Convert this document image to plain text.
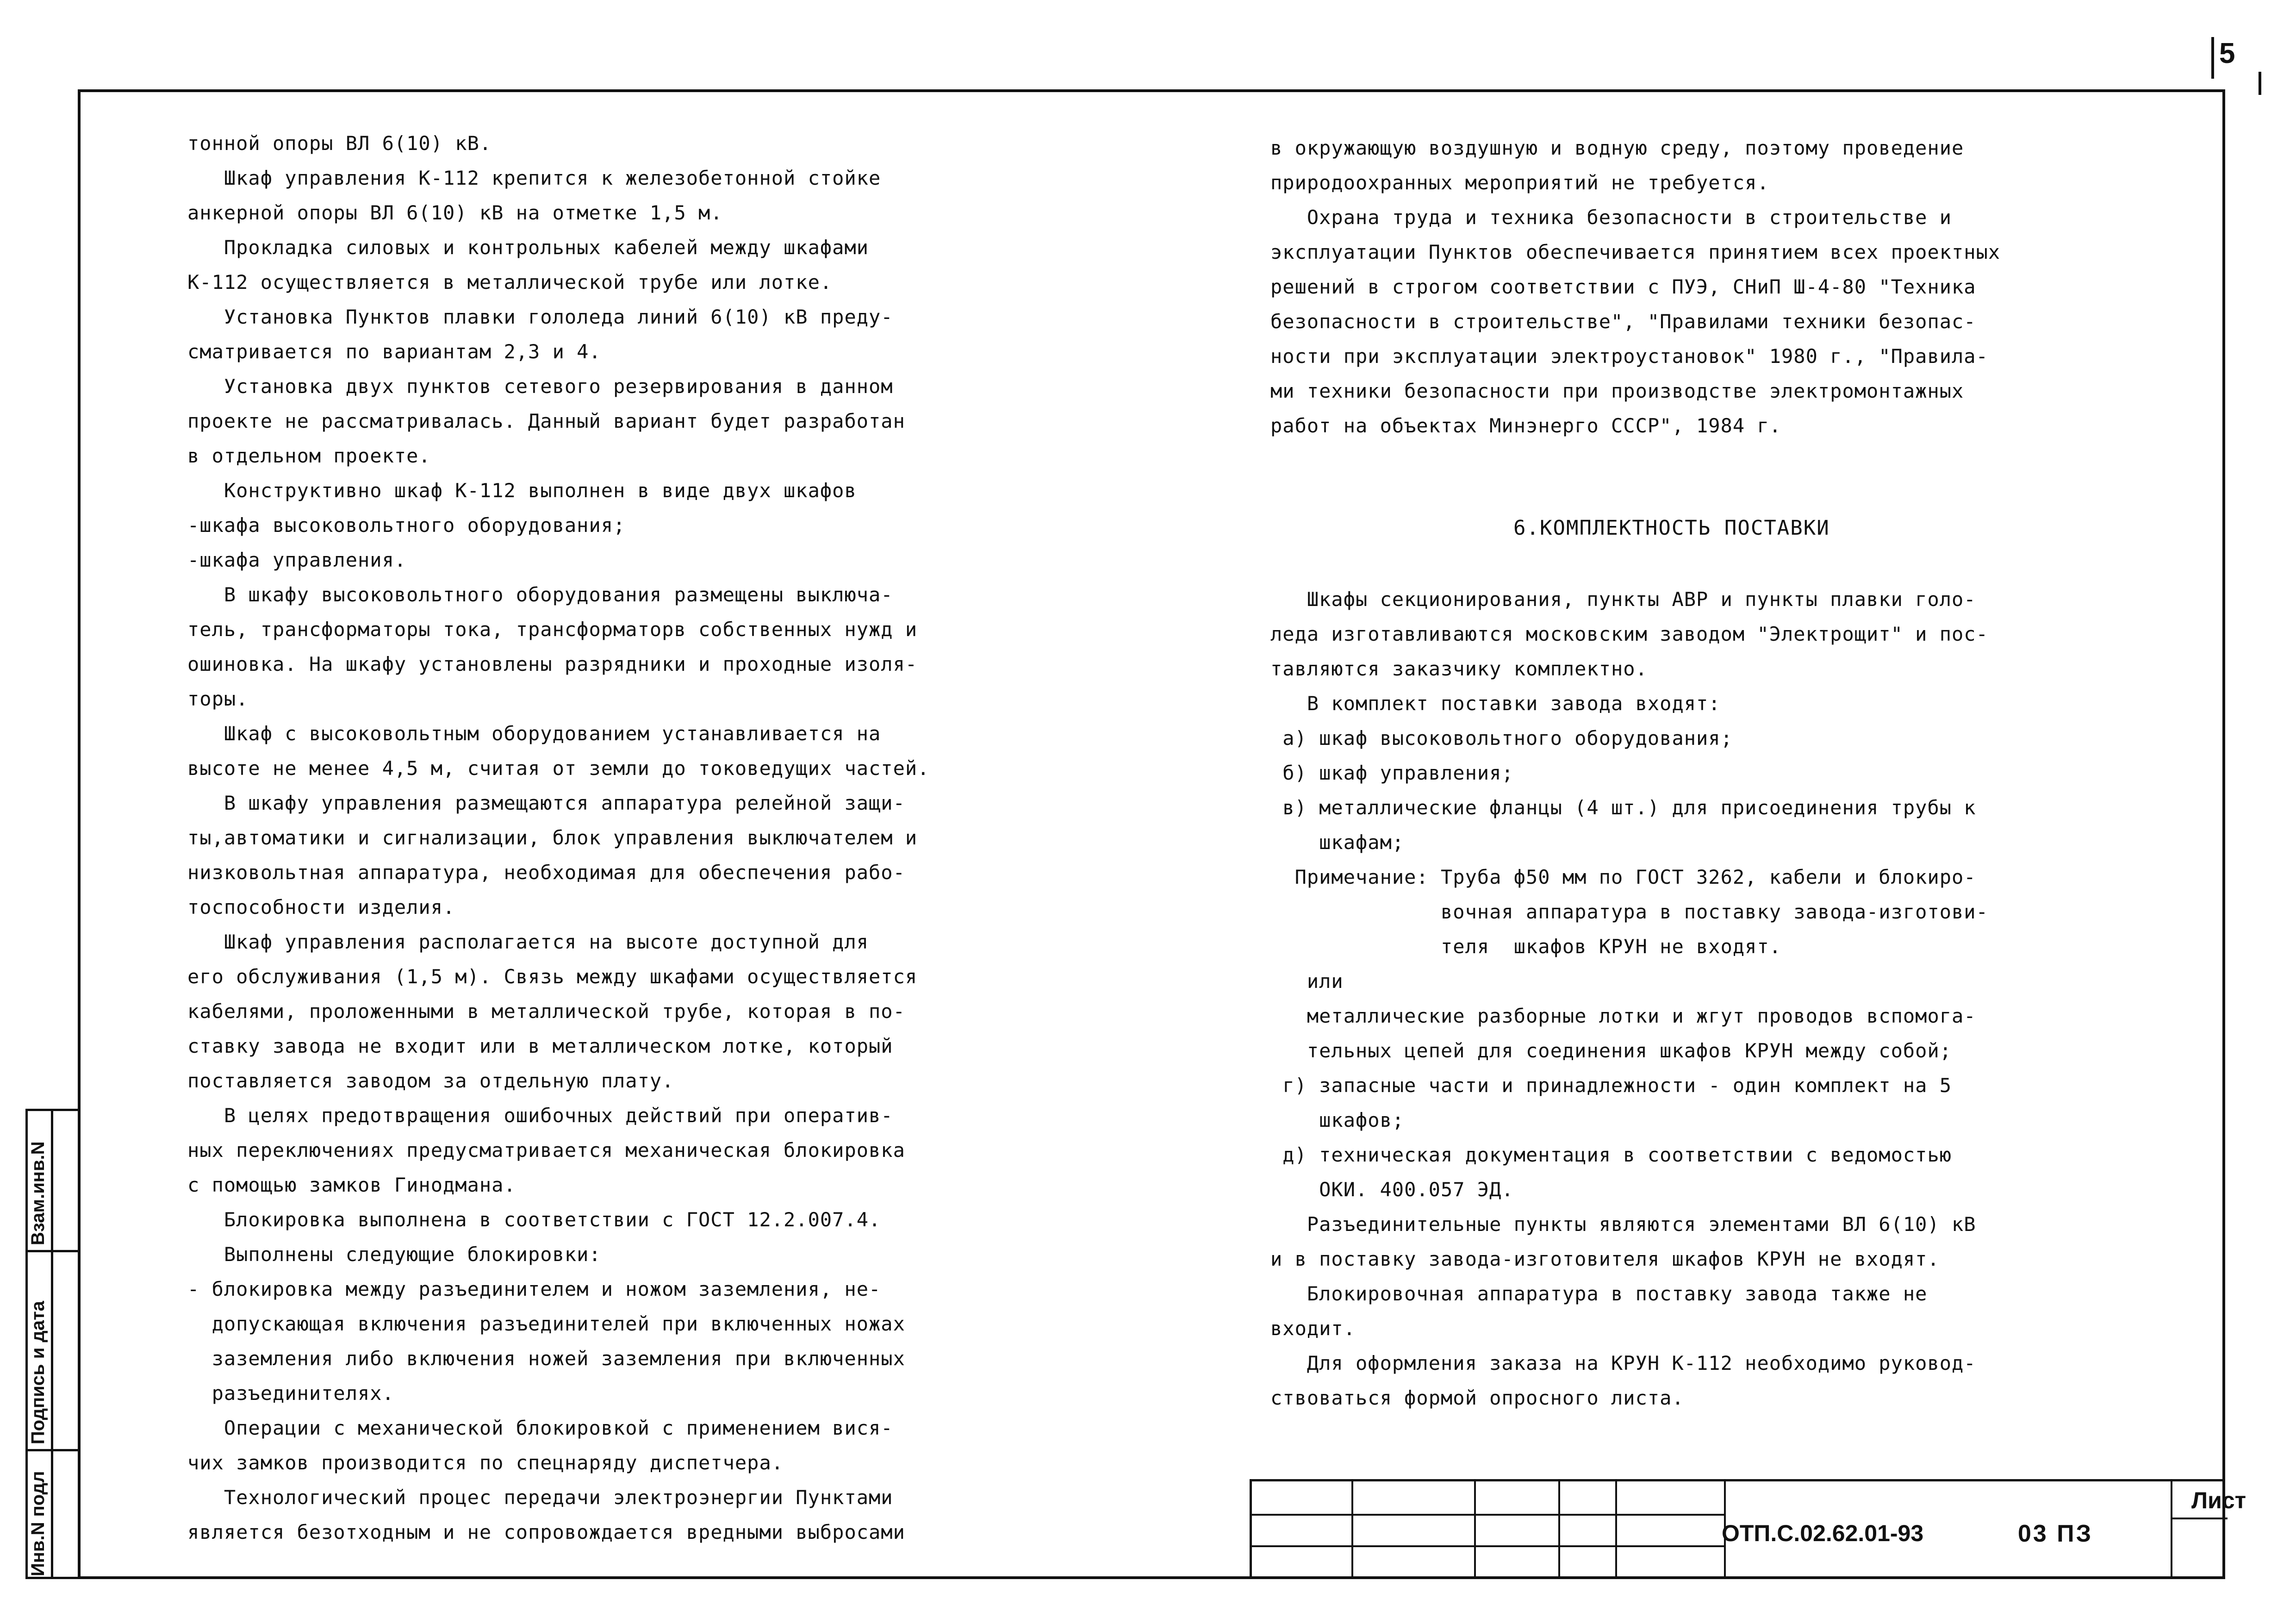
5
тонной опоры ВЛ 6(10) кВ.
Шкаф управления К-112 крепится к железобетонной стойке
анкерной опоры ВЛ 6(10) кВ на отметке 1,5 м.
Прокладка силовых и контрольных кабелей между шкафами
К-112 осуществляется в металлической трубе или лотке.
Установка Пунктов плавки гололеда линий 6(10) кВ преду-
сматривается по вариантам 2,3 и 4.
Установка двух пунктов сетевого резервирования в данном
проекте не рассматривалась. Данный вариант будет разработан
в отдельном проекте.
Конструктивно шкаф К-112 выполнен в виде двух шкафов
-шкафа высоковольтного оборудования;
-шкафа управления.
В шкафу высоковольтного оборудования размещены выключа-
тель, трансформаторы тока, трансформаторв собственных нужд и
ошиновка. На шкафу установлены разрядники и проходные изоля-
торы.
Шкаф с высоковольтным оборудованием устанавливается на
высоте не менее 4,5 м, считая от земли до токоведущих частей.
В шкафу управления размещаются аппаратура релейной защи-
ты,автоматики и сигнализации, блок управления выключателем и
низковольтная аппаратура, необходимая для обеспечения рабо-
тоспособности изделия.
Шкаф управления располагается на высоте доступной для
его обслуживания (1,5 м). Связь между шкафами осуществляется
кабелями, проложенными в металлической трубе, которая в по-
ставку завода не входит или в металлическом лотке, который
поставляется заводом за отдельную плату.
В целях предотвращения ошибочных действий при оператив-
ных переключениях предусматривается механическая блокировка
с помощью замков Гинодмана.
Блокировка выполнена в соответствии с ГОСТ 12.2.007.4.
Выполнены следующие блокировки:
- блокировка между разъединителем и ножом заземления, не-
допускающая включения разъединителей при включенных ножах
заземления либо включения ножей заземления при включенных
разъединителях.
Операции с механической блокировкой с применением вися-
чих замков производится по спецнаряду диспетчера.
Технологический процес передачи электроэнергии Пунктами
является безотходным и не сопровождается вредными выбросами
в окружающую воздушную и водную среду, поэтому проведение
природоохранных мероприятий не требуется.
Охрана труда и техника безопасности в строительстве и
эксплуатации Пунктов обеспечивается принятием всех проектных
решений в строгом соответствии с ПУЭ, СНиП Ш-4-80 "Техника
безопасности в строительстве", "Правилами техники безопас-
ности при эксплуатации электроустановок" 1980 г., "Правила-
ми техники безопасности при производстве электромонтажных
работ на объектах Минэнерго СССР", 1984 г.
Шкафы секционирования, пункты АВР и пункты плавки голо-
леда изготавливаются московским заводом "Электрощит" и пос-
тавляются заказчику комплектно.
В комплект поставки завода входят:
а) шкаф высоковольтного оборудования;
б) шкаф управления;
в) металлические фланцы (4 шт.) для присоединения трубы к
шкафам;
Примечание: Труба ф50 мм по ГОСТ 3262, кабели и блокиро-
вочная аппаратура в поставку завода-изготови-
теля  шкафов КРУН не входят.
или
металлические разборные лотки и жгут проводов вспомога-
тельных цепей для соединения шкафов КРУН между собой;
г) запасные части и принадлежности - один комплект на 5
шкафов;
д) техническая документация в соответствии с ведомостью
ОКИ. 400.057 ЭД.
Разъединительные пункты являются элементами ВЛ 6(10) кВ
и в поставку завода-изготовителя шкафов КРУН не входят.
Блокировочная аппаратура в поставку завода также не
входит.
Для оформления заказа на КРУН К-112 необходимо руковод-
ствоваться формой опросного листа.
6.КОМПЛЕКТНОСТЬ ПОСТАВКИ
Инв.N подл
Подпись и дата
Взам.инв.N
ОТП.С.02.62.01-93	03 ПЗ
Лист
